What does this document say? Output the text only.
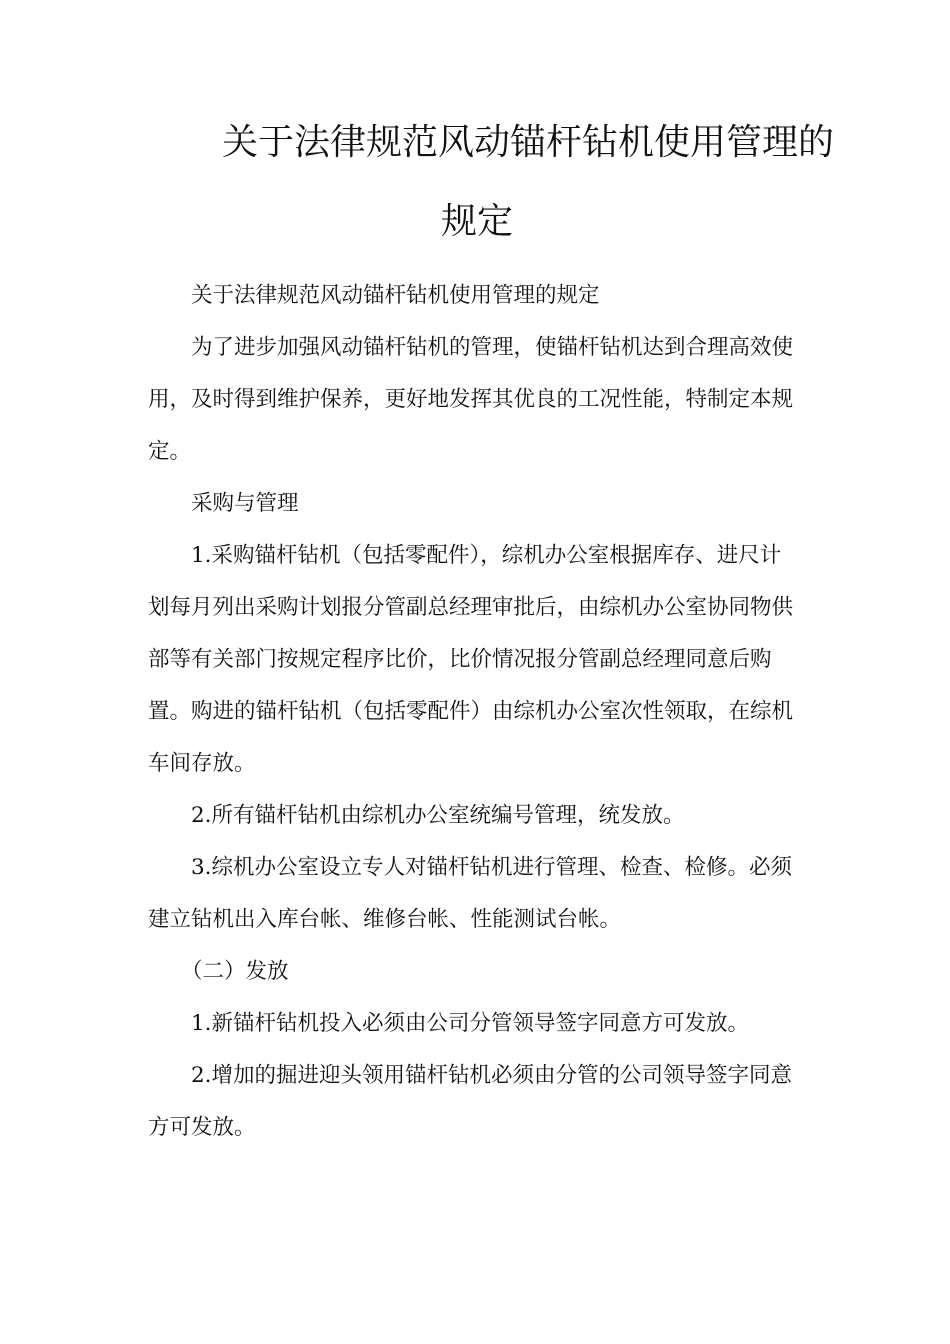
关于法律规范风动锚杆钻机使用管理的
规定

关于法律规范风动锚杆钻机使用管理的规定

为了进步加强风动锚杆钻机的管理，使锚杆钻机达到合理高效使用，及时得到维护保养，更好地发挥其优良的工况性能，特制定本规定。

采购与管理

1.采购锚杆钻机（包括零配件），综机办公室根据库存、进尺计划每月列出采购计划报分管副总经理审批后，由综机办公室协同物供部等有关部门按规定程序比价，比价情况报分管副总经理同意后购置。购进的锚杆钻机（包括零配件）由综机办公室次性领取，在综机车间存放。

2.所有锚杆钻机由综机办公室统编号管理，统发放。

3.综机办公室设立专人对锚杆钻机进行管理、检查、检修。必须建立钻机出入库台帐、维修台帐、性能测试台帐。

（二）发放

1.新锚杆钻机投入必须由公司分管领导签字同意方可发放。

2.增加的掘进迎头领用锚杆钻机必须由分管的公司领导签字同意方可发放。
